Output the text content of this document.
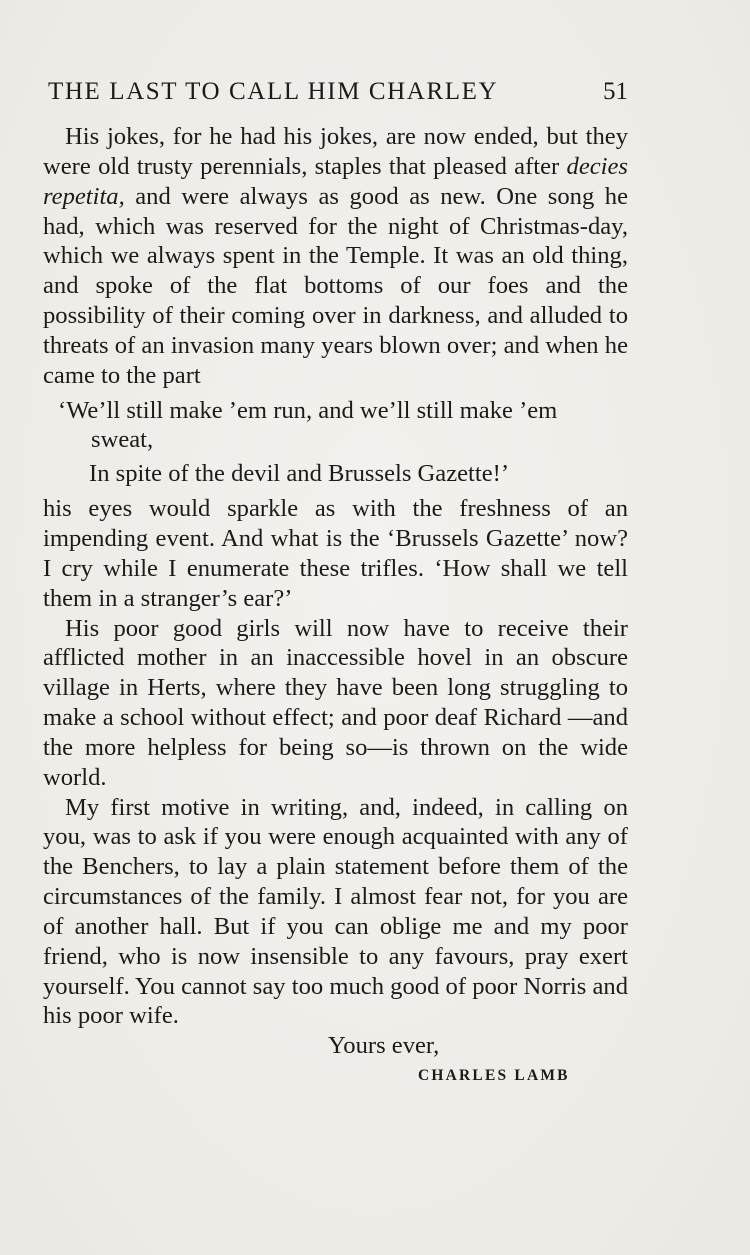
THE LAST TO CALL HIM CHARLEY	51

His jokes, for he had his jokes, are now ended, but they were old trusty perennials, staples that pleased after decies repetita, and were always as good as new. One song he had, which was reserved for the night of Christmas-day, which we always spent in the Temple. It was an old thing, and spoke of the flat bottoms of our foes and the possibility of their coming over in darkness, and alluded to threats of an invasion many years blown over; and when he came to the part

‘We’ll still make ’em run, and we’ll still make ’em

sweat,

In spite of the devil and Brussels Gazette!’

his eyes would sparkle as with the freshness of an impending event. And what is the ‘Brussels Gazette’ now? I cry while I enumerate these trifles. ‘How shall we tell them in a stranger’s ear?’

His poor good girls will now have to receive their afflicted mother in an inaccessible hovel in an obscure village in Herts, where they have been long struggling to make a school without effect; and poor deaf Richard —and the more helpless for being so—is thrown on the wide world.

My first motive in writing, and, indeed, in calling on you, was to ask if you were enough acquainted with any of the Benchers, to lay a plain statement before them of the circumstances of the family. I almost fear not, for you are of another hall. But if you can oblige me and my poor friend, who is now insensible to any favours, pray exert yourself. You cannot say too much good of poor Norris and his poor wife.

Yours ever,

CHARLES LAMB
